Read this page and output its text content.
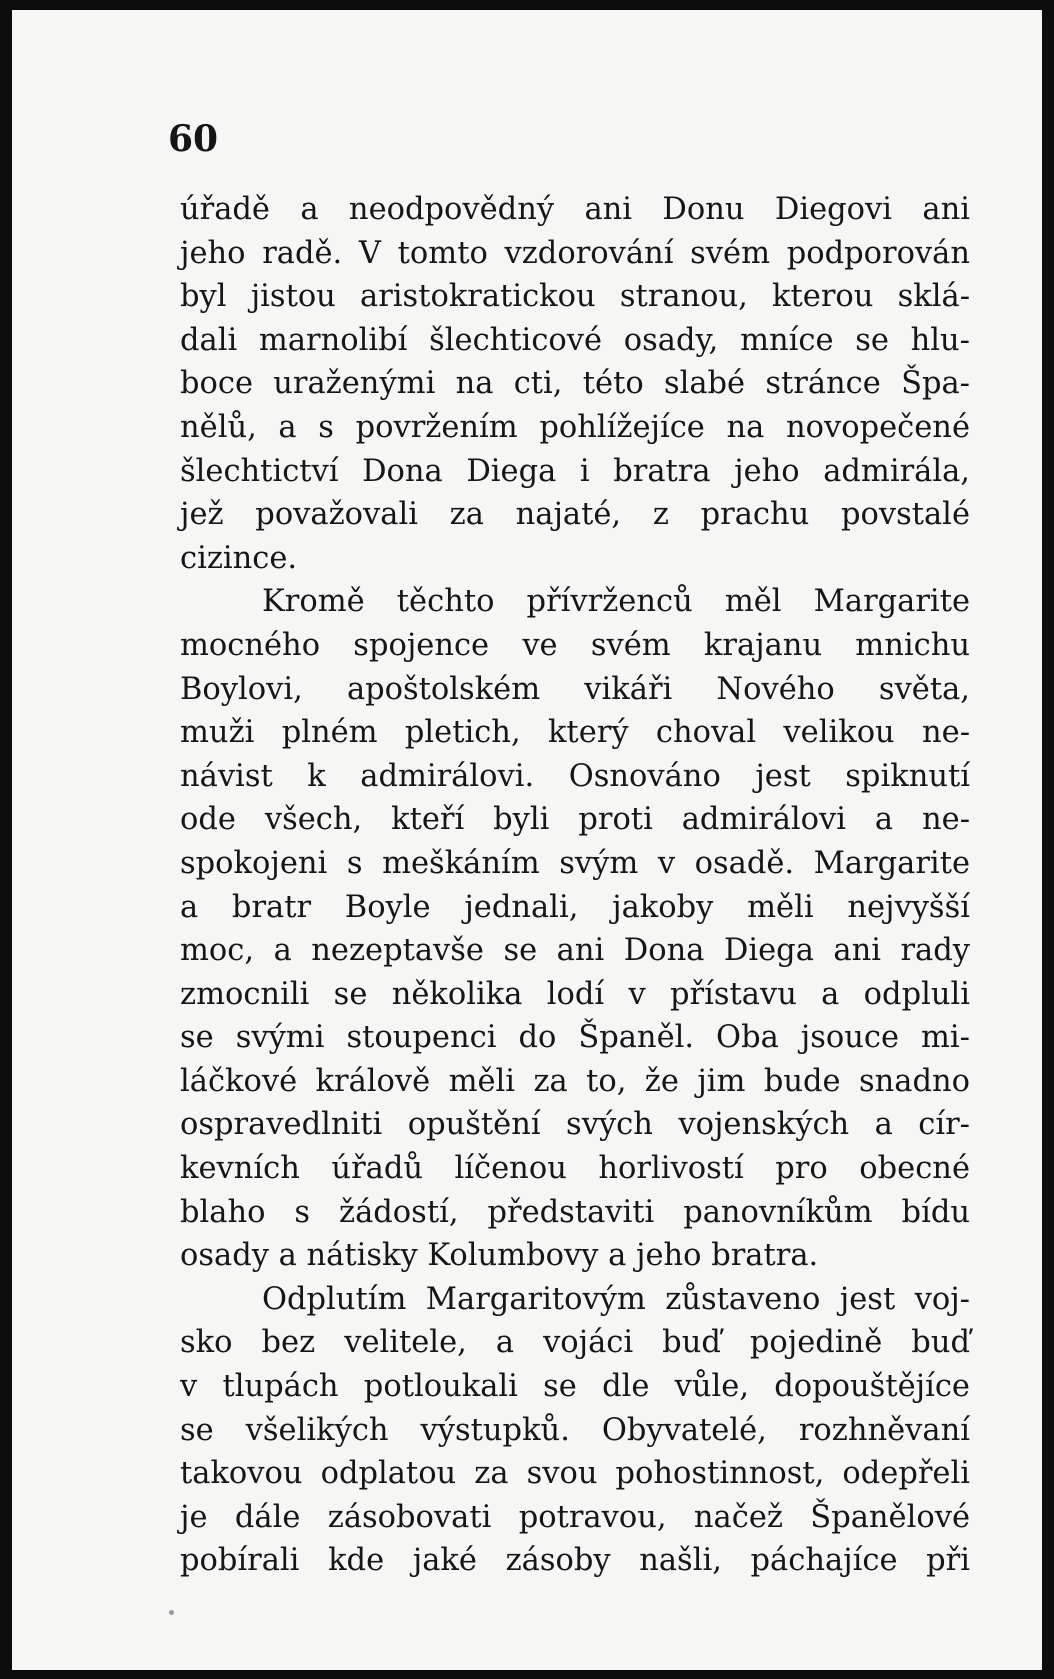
60
úřadě a neodpovědný ani Donu Diegovi ani
jeho radě. V tomto vzdorování svém podporován
byl jistou aristokratickou stranou, kterou sklá-
dali marnolibí šlechticové osady, mníce se hlu-
boce uraženými na cti, této slabé stránce Špa-
nělů, a s povržením pohlížejíce na novopečené
šlechtictví Dona Diega i bratra jeho admirála,
jež považovali za najaté, z prachu povstalé
cizince.
Kromě těchto přívrženců měl Margarite
mocného spojence ve svém krajanu mnichu
Boylovi, apoštolském vikáři Nového světa,
muži plném pletich, který choval velikou ne-
návist k admirálovi. Osnováno jest spiknutí
ode všech, kteří byli proti admirálovi a ne-
spokojeni s meškáním svým v osadě. Margarite
a bratr Boyle jednali, jakoby měli nejvyšší
moc, a nezeptavše se ani Dona Diega ani rady
zmocnili se několika lodí v přístavu a odpluli
se svými stoupenci do Španěl. Oba jsouce mi-
láčkové králově měli za to, že jim bude snadno
ospravedlniti opuštění svých vojenských a cír-
kevních úřadů líčenou horlivostí pro obecné
blaho s žádostí, představiti panovníkům bídu
osady a nátisky Kolumbovy a jeho bratra.
Odplutím Margaritovým zůstaveno jest voj-
sko bez velitele, a vojáci buď pojedině buď
v tlupách potloukali se dle vůle, dopouštějíce
se všelikých výstupků. Obyvatelé, rozhněvaní
takovou odplatou za svou pohostinnost, odepřeli
je dále zásobovati potravou, načež Španělové
pobírali kde jaké zásoby našli, páchajíce při
